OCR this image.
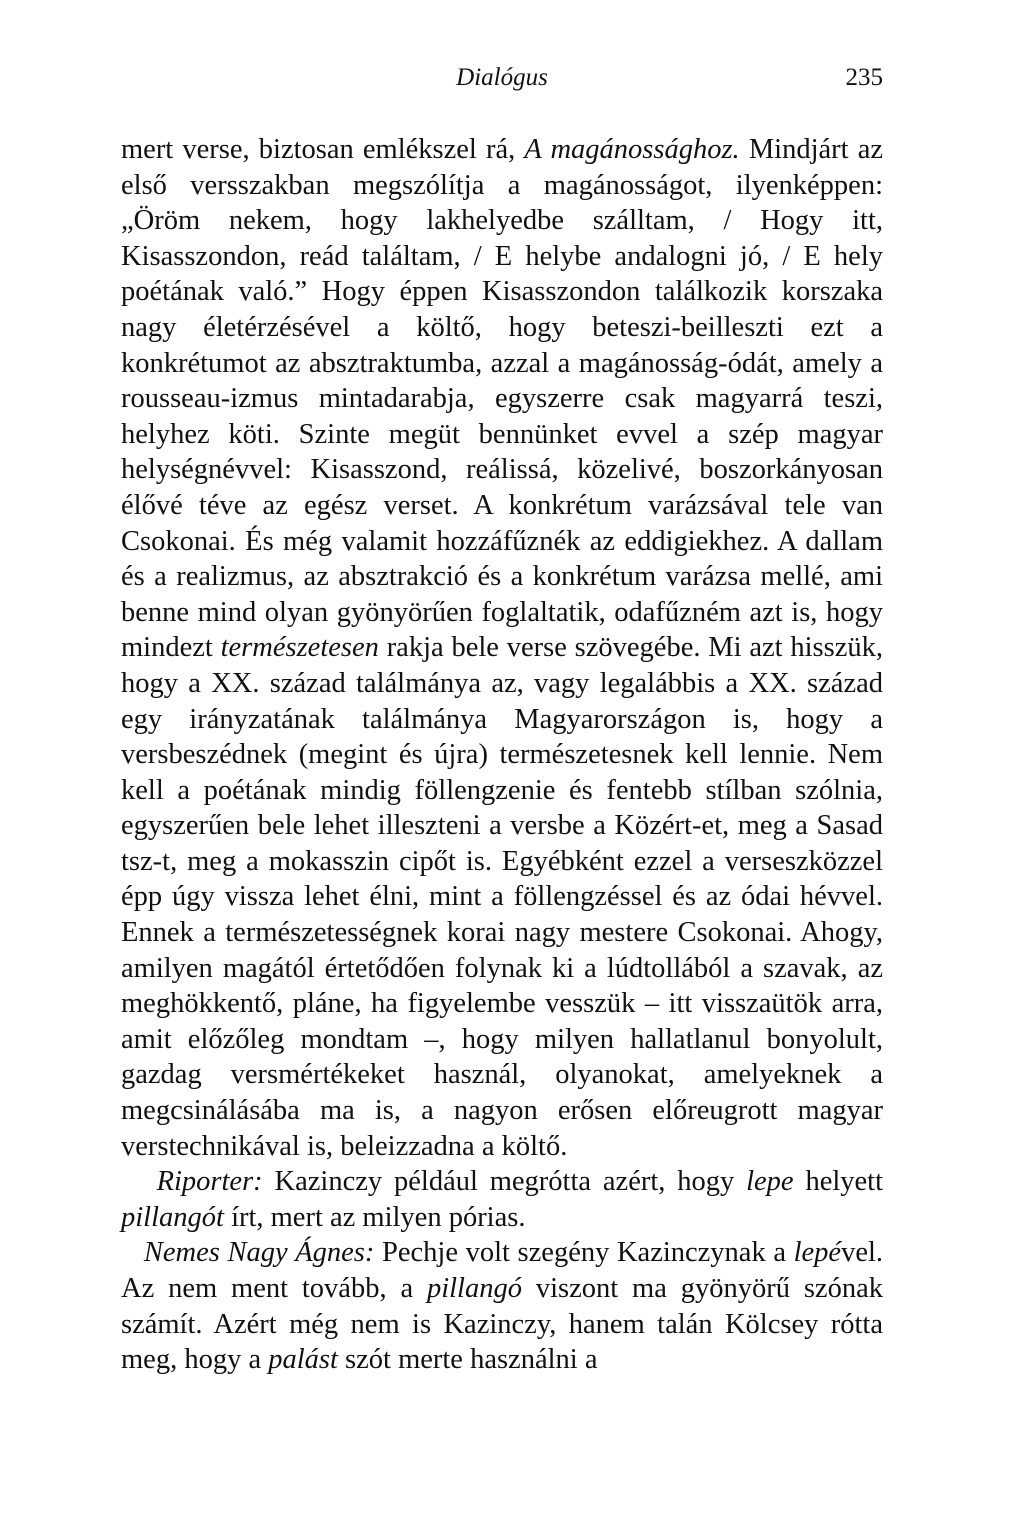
Dialógus	235

mert verse, biztosan emlékszel rá, A magánossághoz. Mindjárt az első versszakban megszólítja a magánosságot, ilyenképpen: „Öröm nekem, hogy lakhelyedbe szálltam, / Hogy itt, Kisasszondon, reád találtam, / E helybe andalogni jó, / E hely poétának való.” Hogy éppen Kisasszondon találkozik korszaka nagy életérzésével a költő, hogy beteszi-beilleszti ezt a konkrétumot az absztraktumba, azzal a magánosság-ódát, amely a rousseau-izmus mintadarabja, egyszerre csak magyarrá teszi, helyhez köti. Szinte megüt bennünket evvel a szép magyar helységnévvel: Kisasszond, reálissá, közelivé, boszorkányosan élővé téve az egész verset. A konkrétum varázsával tele van Csokonai. És még valamit hozzáfűznék az eddigiekhez. A dallam és a realizmus, az absztrakció és a konkrétum varázsa mellé, ami benne mind olyan gyönyörűen foglaltatik, odafűzném azt is, hogy mindezt természetesen rakja bele verse szövegébe. Mi azt hisszük, hogy a XX. század találmánya az, vagy legalábbis a XX. század egy irányzatának találmánya Magyarországon is, hogy a versbeszédnek (megint és újra) természetesnek kell lennie. Nem kell a poétának mindig föllengzenie és fentebb stílban szólnia, egyszerűen bele lehet illeszteni a versbe a Közért-et, meg a Sasad tsz-t, meg a mokasszin cipőt is. Egyébként ezzel a verseszközzel épp úgy vissza lehet élni, mint a föllengzéssel és az ódai hévvel. Ennek a természetességnek korai nagy mestere Csokonai. Ahogy, amilyen magától értetődően folynak ki a lúdtollából a szavak, az meghökkentő, pláne, ha figyelembe vesszük – itt visszaütök arra, amit előzőleg mondtam –, hogy milyen hallatlanul bonyolult, gazdag versmértékeket használ, olyanokat, amelyeknek a megcsinálásába ma is, a nagyon erősen előreugrott magyar verstechnikával is, beleizzadna a költő.

Riporter: Kazinczy például megrótta azért, hogy lepe helyett pillangót írt, mert az milyen pórias.

Nemes Nagy Ágnes: Pechje volt szegény Kazinczynak a lepével. Az nem ment tovább, a pillangó viszont ma gyönyörű szónak számít. Azért még nem is Kazinczy, hanem talán Kölcsey rótta meg, hogy a palást szót merte használni a
